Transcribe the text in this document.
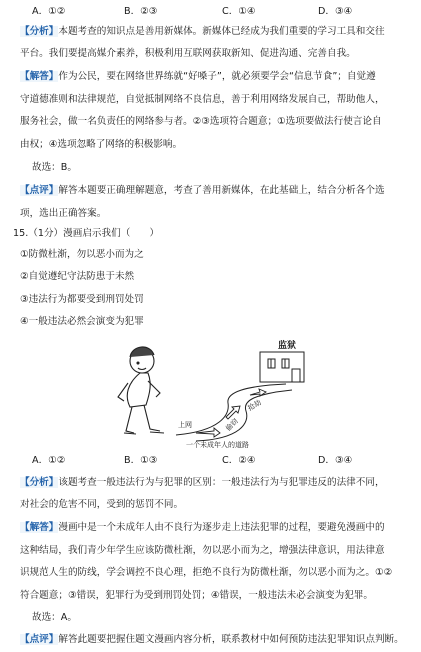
A．①②	B．②③	C．①④	D．③④
【分析】本题考查的知识点是善用新媒体。新媒体已经成为我们重要的学习工具和交往
平台。我们要提高媒介素养，积极利用互联网获取新知、促进沟通、完善自我。
【解答】作为公民，要在网络世界练就“好嗓子”，就必须要学会“信息节食”；自觉遵
守道德准则和法律规范，自觉抵制网络不良信息，善于利用网络发展自己，帮助他人，
服务社会，做一名负责任的网络参与者。②③选项符合题意；①选项要做法行使言论自
由权；④选项忽略了网络的积极影响。
故选：B。
【点评】解答本题要正确理解题意，考查了善用新媒体，在此基础上，结合分析各个选
项，选出正确答案。
15.（1分）漫画启示我们（　　）
①防微杜渐，勿以恶小而为之
②自觉遵纪守法防患于未然
③违法行为都要受到刑罚处罚
④一般违法必然会演变为犯罪
监狱
上网
抢劫
偷窃
一个未成年人的道路
A．①②	B．①③	C．②④	D．③④
【分析】该题考查一般违法行为与犯罪的区别：一般违法行为与犯罪违反的法律不同，
对社会的危害不同，受到的惩罚不同。
【解答】漫画中是一个未成年人由不良行为逐步走上违法犯罪的过程，要避免漫画中的
这种结局，我们青少年学生应该防微杜渐，勿以恶小而为之，增强法律意识，用法律意
识规范人生的防线，学会调控不良心理，拒绝不良行为防微杜渐，勿以恶小而为之。①②
符合题意；③错误，犯罪行为受到刑罚处罚；④错误，一般违法未必会演变为犯罪。
故选：A。
【点评】解答此题要把握住题文漫画内容分析，联系教材中如何预防违法犯罪知识点判断。
